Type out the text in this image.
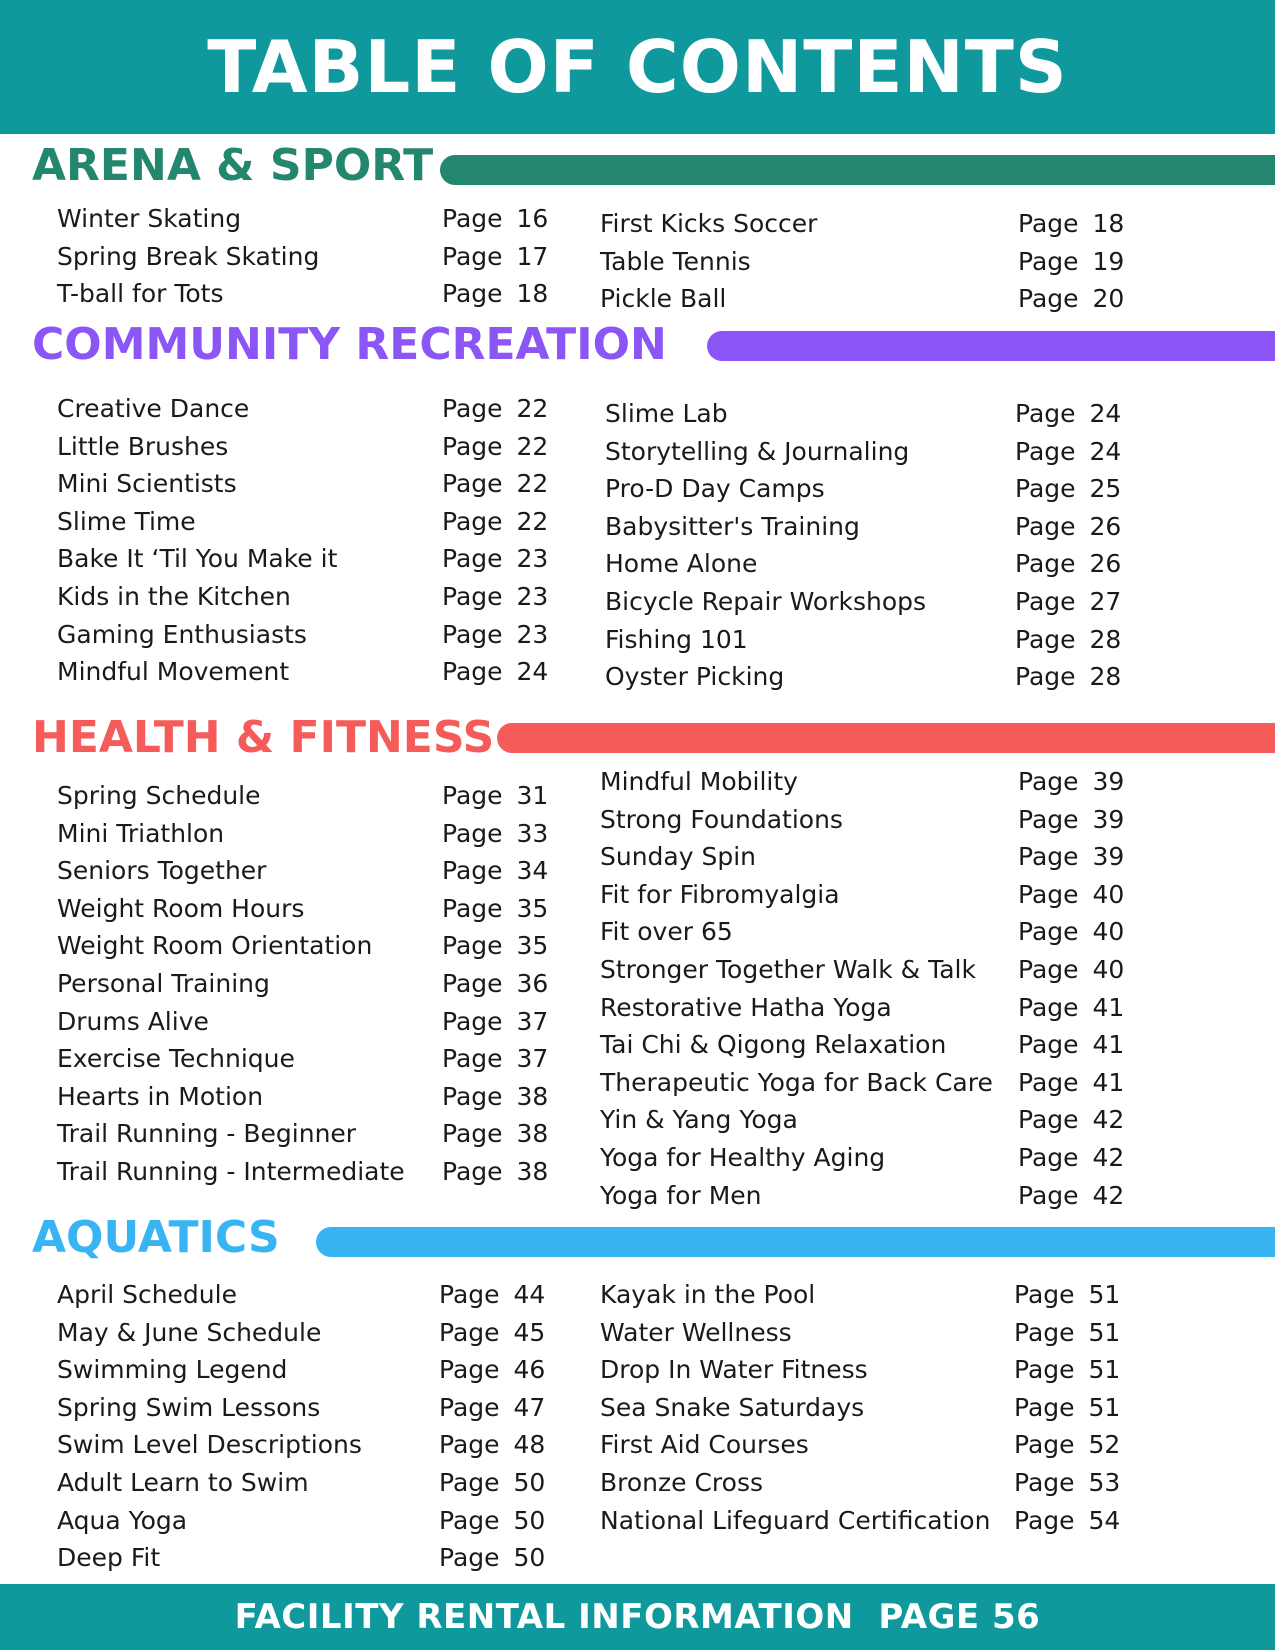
TABLE OF CONTENTS
FACILITY RENTAL INFORMATION  PAGE 56
ARENA & SPORT
Winter Skating	Page 16
Spring Break Skating	Page 17
T-ball for Tots	Page 18
First Kicks Soccer	Page 18
Table Tennis	Page 19
Pickle Ball	Page 20
COMMUNITY RECREATION
Creative Dance	Page 22
Little Brushes	Page 22
Mini Scientists	Page 22
Slime Time	Page 22
Bake It ‘Til You Make it	Page 23
Kids in the Kitchen	Page 23
Gaming Enthusiasts	Page 23
Mindful Movement	Page 24
Slime Lab	Page 24
Storytelling & Journaling	Page 24
Pro-D Day Camps	Page 25
Babysitter's Training	Page 26
Home Alone	Page 26
Bicycle Repair Workshops	Page 27
Fishing 101	Page 28
Oyster Picking	Page 28
HEALTH & FITNESS
Spring Schedule	Page 31
Mini Triathlon	Page 33
Seniors Together	Page 34
Weight Room Hours	Page 35
Weight Room Orientation	Page 35
Personal Training	Page 36
Drums Alive	Page 37
Exercise Technique	Page 37
Hearts in Motion	Page 38
Trail Running - Beginner	Page 38
Trail Running - Intermediate Page 38
Mindful Mobility	Page 39
Strong Foundations	Page 39
Sunday Spin	Page 39
Fit for Fibromyalgia	Page 40
Fit over 65	Page 40
Stronger Together Walk & Talk Page 40
Restorative Hatha Yoga	Page 41
Tai Chi & Qigong Relaxation	Page 41
Therapeutic Yoga for Back Care Page 41
Yin & Yang Yoga	Page 42
Yoga for Healthy Aging	Page 42
Yoga for Men	Page 42
AQUATICS
April Schedule	Page 44
May & June Schedule	Page 45
Swimming Legend	Page 46
Spring Swim Lessons	Page 47
Swim Level Descriptions	Page 48
Adult Learn to Swim	Page 50
Aqua Yoga	Page 50
Deep Fit	Page 50
Kayak in the Pool	Page 51
Water Wellness	Page 51
Drop In Water Fitness	Page 51
Sea Snake Saturdays	Page 51
First Aid Courses	Page 52
Bronze Cross	Page 53
National Lifeguard Certification Page 54
